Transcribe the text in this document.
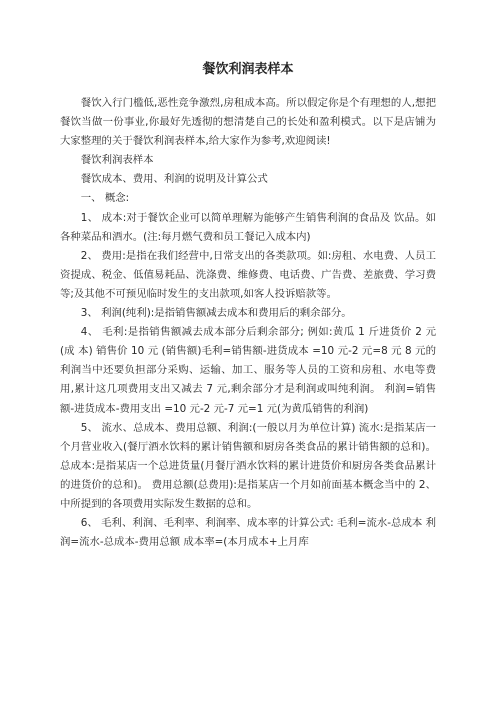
餐饮利润表样本

餐饮入行门槛低,恶性竞争激烈,房租成本高。所以假定你是个有理想的人,想把餐饮当做一份事业,你最好先透彻的想清楚自己的长处和盈利模式。以下是店铺为大家整理的关于餐饮利润表样本,给大家作为参考,欢迎阅读!

餐饮利润表样本

餐饮成本、费用、利润的说明及计算公式

一、 概念:

1、 成本:对于餐饮企业可以简单理解为能够产生销售利润的食品及 饮品。如各种菜品和酒水。(注:每月燃气费和员工餐记入成本内)

2、 费用:是指在我们经营中,日常支出的各类款项。如:房租、水电费、人员工资提成、税金、低值易耗品、洗涤费、维修费、电话费、广告费、差旅费、学习费等;及其他不可预见临时发生的支出款项,如客人投诉赔款等。

3、 利润(纯利):是指销售额减去成本和费用后的剩余部分。

4、 毛利:是指销售额减去成本部分后剩余部分; 例如:黄瓜 1 斤进货价 2 元 (成 本) 销售价 10 元 (销售额)毛利=销售额-进货成本 =10 元-2 元=8 元 8 元的利润当中还要负担部分采购、运输、加工、服务等人员的工资和房租、水电等费用,累计这几项费用支出又减去 7 元,剩余部分才是利润或叫纯利润。 利润=销售额-进货成本-费用支出 =10 元-2 元-7 元=1 元(为黄瓜销售的利润)

5、 流水、总成本、费用总额、利润:(一般以月为单位计算) 流水:是指某店一个月营业收入(餐厅酒水饮料的累计销售额和厨房各类食品的累计销售额的总和)。 总成本:是指某店一个总进货量(月餐厅酒水饮料的累计进货价和厨房各类食品累计的进货价的总和)。 费用总额(总费用):是指某店一个月如前面基本概念当中的 2、 中所提到的各项费用实际发生数据的总和。

6、 毛利、利润、毛利率、利润率、成本率的计算公式: 毛利=流水-总成本 利润=流水-总成本-费用总额 成本率=(本月成本+上月库
